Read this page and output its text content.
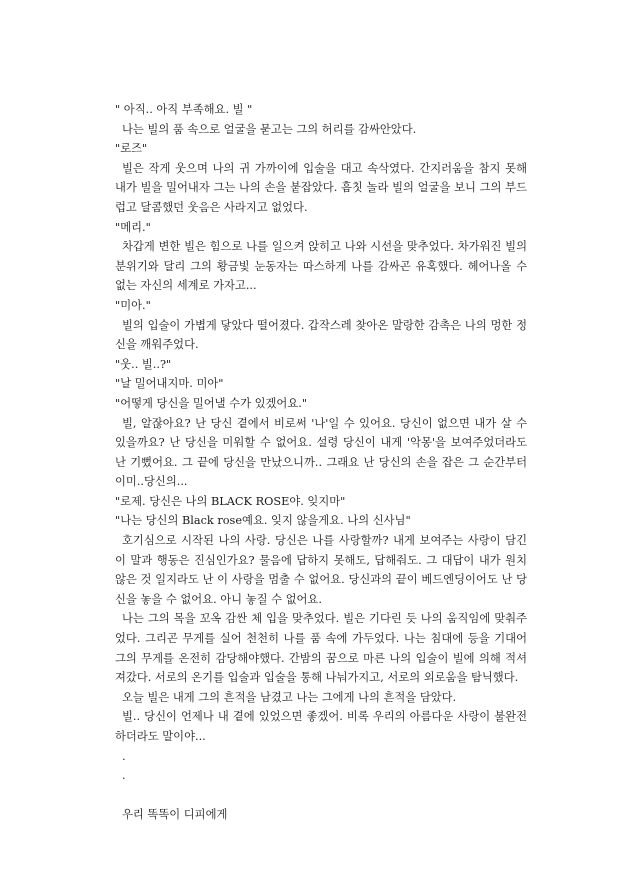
" 아직.. 아직 부족해요. 빌 "

나는 빌의 품 속으로 얼굴을 묻고는 그의 허리를 감싸안았다.

"로즈"

빌은 작게 웃으며 나의 귀 가까이에 입술을 대고 속삭였다. 간지러움을 참지 못해 내가 빌을 밀어내자 그는 나의 손을 붙잡았다. 흠칫 놀라 빌의 얼굴을 보니 그의 부드럽고 달콤했던 웃음은 사라지고 없었다.

"메리."

차갑게 변한 빌은 힘으로 나를 일으켜 앉히고 나와 시선을 맞추었다. 차가워진 빌의 분위기와 달리 그의 황금빛 눈동자는 따스하게 나를 감싸곤 유혹했다. 헤어나올 수 없는 자신의 세계로 가자고...

"미아."

빌의 입술이 가볍게 닿았다 떨어졌다. 갑작스레 찾아온 말랑한 감촉은 나의 멍한 정신을 깨워주었다.

"웃.. 빌..?"

"날 밀어내지마. 미아"

"어떻게 당신을 밀어낼 수가 있겠어요."

빌, 알잖아요? 난 당신 곁에서 비로써 '나'일 수 있어요. 당신이 없으면 내가 살 수 있을까요? 난 당신을 미워할 수 없어요. 설령 당신이 내게 '악몽'을 보여주었더라도 난 기뻤어요. 그 끝에 당신을 만났으니까.. 그래요 난 당신의 손을 잡은 그 순간부터 이미..당신의...

"로제. 당신은 나의 BLACK ROSE야. 잊지마"

"나는 당신의 Black rose예요. 잊지 않을게요. 나의 신사님"

호기심으로 시작된 나의 사랑. 당신은 나를 사랑할까? 내게 보여주는 사랑이 담긴 이 말과 행동은 진심인가요? 물음에 답하지 못해도, 답해줘도. 그 대답이 내가 원치 않은 것 일지라도 난 이 사랑을 멈출 수 없어요. 당신과의 끝이 베드엔딩이어도 난 당신을 놓을 수 없어요. 아니 놓질 수 없어요.

나는 그의 목을 꼬옥 감싼 체 입을 맞추었다. 빌은 기다린 듯 나의 움직임에 맞춰주었다. 그리곤 무게를 실어 천천히 나를 품 속에 가두었다. 나는 침대에 등을 기대어 그의 무게를 온전히 감당해야했다. 간밤의 꿈으로 마른 나의 입술이 빌에 의해 적셔져갔다. 서로의 온기를 입술과 입술을 통해 나눠가지고, 서로의 외로움을 탐닉했다.

오늘 빌은 내게 그의 흔적을 남겼고 나는 그에게 나의 흔적을 담았다.

빌.. 당신이 언제나 내 곁에 있었으면 좋겠어. 비록 우리의 아름다운 사랑이 불완전하더라도 말이야...

.

.

우리 똑똑이 디피에게
